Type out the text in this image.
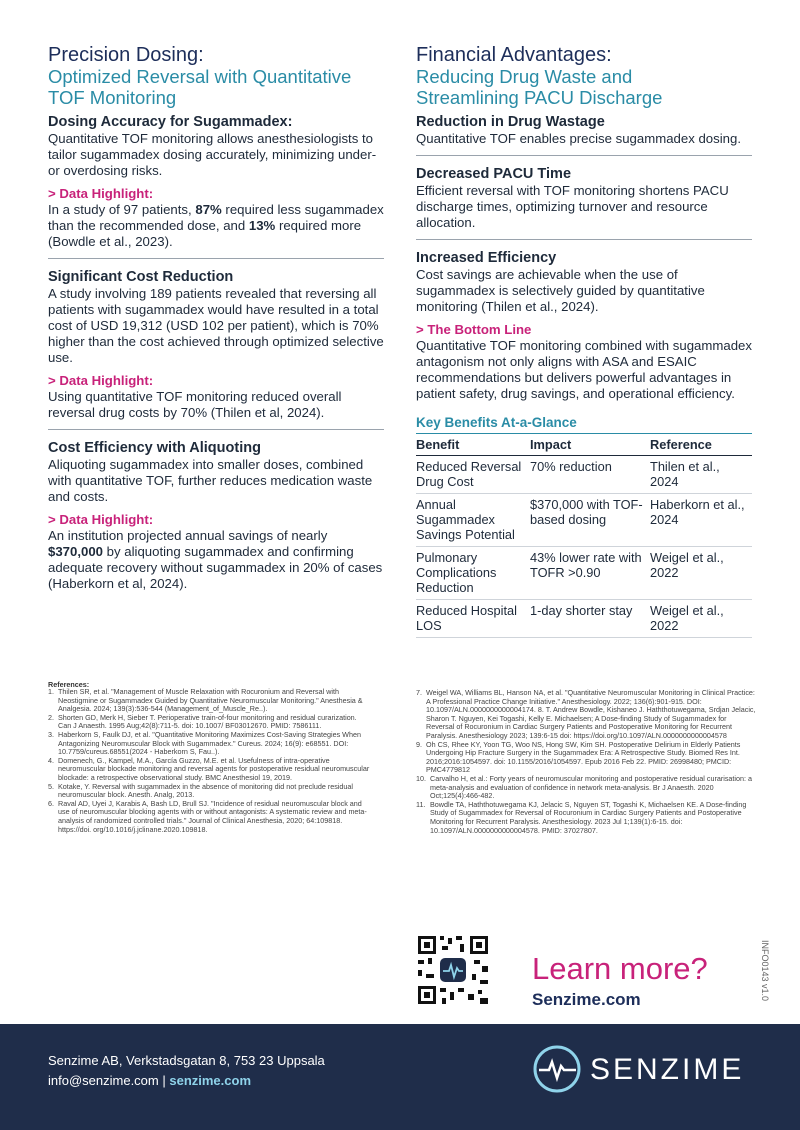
Precision Dosing:
Optimized Reversal with Quantitative
TOF Monitoring
Dosing Accuracy for Sugammadex:

Quantitative TOF monitoring allows anesthesiologists to tailor sugammadex dosing accurately, minimizing under- or overdosing risks.

> Data Highlight:

In a study of 97 patients, 87% required less sugammadex than the recommended dose, and 13% required more (Bowdle et al., 2023).

Significant Cost Reduction

A study involving 189 patients revealed that reversing all patients with sugammadex would have resulted in a total cost of USD 19,312 (USD 102 per patient), which is 70% higher than the cost achieved through optimized selective use.

> Data Highlight:

Using quantitative TOF monitoring reduced overall reversal drug costs by 70% (Thilen et al, 2024).

Cost Efficiency with Aliquoting

Aliquoting sugammadex into smaller doses, combined with quantitative TOF, further reduces medication waste and costs.

> Data Highlight:

An institution projected annual savings of nearly $370,000 by aliquoting sugammadex and confirming adequate recovery without sugammadex in 20% of cases (Haberkorn et al, 2024).

Financial Advantages:
Reducing Drug Waste and
Streamlining PACU Discharge
Reduction in Drug Wastage

Quantitative TOF enables precise sugammadex dosing.

Decreased PACU Time

Efficient reversal with TOF monitoring shortens PACU discharge times, optimizing turnover and resource allocation.

Increased Efficiency

Cost savings are achievable when the use of sugammadex is selectively guided by quantitative monitoring (Thilen et al., 2024).

> The Bottom Line

Quantitative TOF monitoring combined with sugammadex antagonism not only aligns with ASA and ESAIC recommendations but delivers powerful advantages in patient safety, drug savings, and operational efficiency.

Key Benefits At-a-Glance
Benefit	Impact	Reference
Reduced Reversal Drug Cost	70% reduction	Thilen et al., 2024
Annual Sugammadex Savings Potential	$370,000 with TOF-based dosing	Haberkorn et al., 2024
Pulmonary Complications Reduction	43% lower rate with TOFR >0.90	Weigel et al., 2022
Reduced Hospital LOS	1-day shorter stay	Weigel et al., 2022
References:
1. Thilen SR, et al. "Management of Muscle Relaxation with Rocuronium and Reversal with Neostigmine or Sugammadex Guided by Quantitative Neuromuscular Monitoring." Anesthesia & Analgesia. 2024; 139(3):536-544 (Management_of_Muscle_Re..).
2. Shorten GD, Merk H, Sieber T. Perioperative train-of-four monitoring and residual curarization. Can J Anaesth. 1995 Aug;42(8):711-5. doi: 10.1007/ BF03012670. PMID: 7586111.
3. Haberkorn S, Faulk DJ, et al. "Quantitative Monitoring Maximizes Cost-Saving Strategies When Antagonizing Neuromuscular Block with Sugammadex." Cureus. 2024; 16(9): e68551. DOI: 10.7759/cureus.68551(2024 - Haberkorn S, Fau..).
4. Domenech, G., Kampel, M.A., García Guzzo, M.E. et al. Usefulness of intra-operative neuromuscular blockade monitoring and reversal agents for postoperative residual neuromuscular blockade: a retrospective observational study. BMC Anesthesiol 19, 2019.
5. Kotake, Y. Reversal with sugammadex in the absence of monitoring did not preclude residual neuromuscular block. Anesth. Analg, 2013.
6. Raval AD, Uyei J, Karabis A, Bash LD, Brull SJ. "Incidence of residual neuromuscular block and use of neuromuscular blocking agents with or without antagonists: A systematic review and meta-analysis of randomized controlled trials." Journal of Clinical Anesthesia, 2020; 64:109818. https://doi. org/10.1016/j.jclinane.2020.109818.
7. Weigel WA, Williams BL, Hanson NA, et al. "Quantitative Neuromuscular Monitoring in Clinical Practice: A Professional Practice Change Initiative." Anesthesiology. 2022; 136(6):901-915. DOI: 10.1097/ALN.0000000000004174. 8. T. Andrew Bowdle, Kishaneo J. Haththotuwegama, Srdjan Jelacic, Sharon T. Nguyen, Kei Togashi, Kelly E. Michaelsen; A Dose-finding Study of Sugammadex for Reversal of Rocuronium in Cardiac Surgery Patients and Postoperative Monitoring for Recurrent Paralysis. Anesthesiology 2023; 139:6-15 doi: https://doi.org/10.1097/ALN.0000000000004578
9. Oh CS, Rhee KY, Yoon TG, Woo NS, Hong SW, Kim SH. Postoperative Delirium in Elderly Patients Undergoing Hip Fracture Surgery in the Sugammadex Era: A Retrospective Study. Biomed Res Int. 2016;2016:1054597. doi: 10.1155/2016/1054597. Epub 2016 Feb 22. PMID: 26998480; PMCID: PMC4779812
10. Carvalho H, et al.: Forty years of neuromuscular monitoring and postoperative residual curarisation: a meta-analysis and evaluation of confidence in network meta-analysis. Br J Anaesth. 2020 Oct;125(4):466-482.
11. Bowdle TA, Haththotuwegama KJ, Jelacic S, Nguyen ST, Togashi K, Michaelsen KE. A Dose-finding Study of Sugammadex for Reversal of Rocuronium in Cardiac Surgery Patients and Postoperative Monitoring for Recurrent Paralysis. Anesthesiology. 2023 Jul 1;139(1):6-15. doi: 10.1097/ALN.0000000000004578. PMID: 37027807.
Learn more?
Senzime.com	INFO0143 v1.0
Senzime AB, Verkstadsgatan 8, 753 23 Uppsala
info@senzime.com | senzime.com	SENZIME
